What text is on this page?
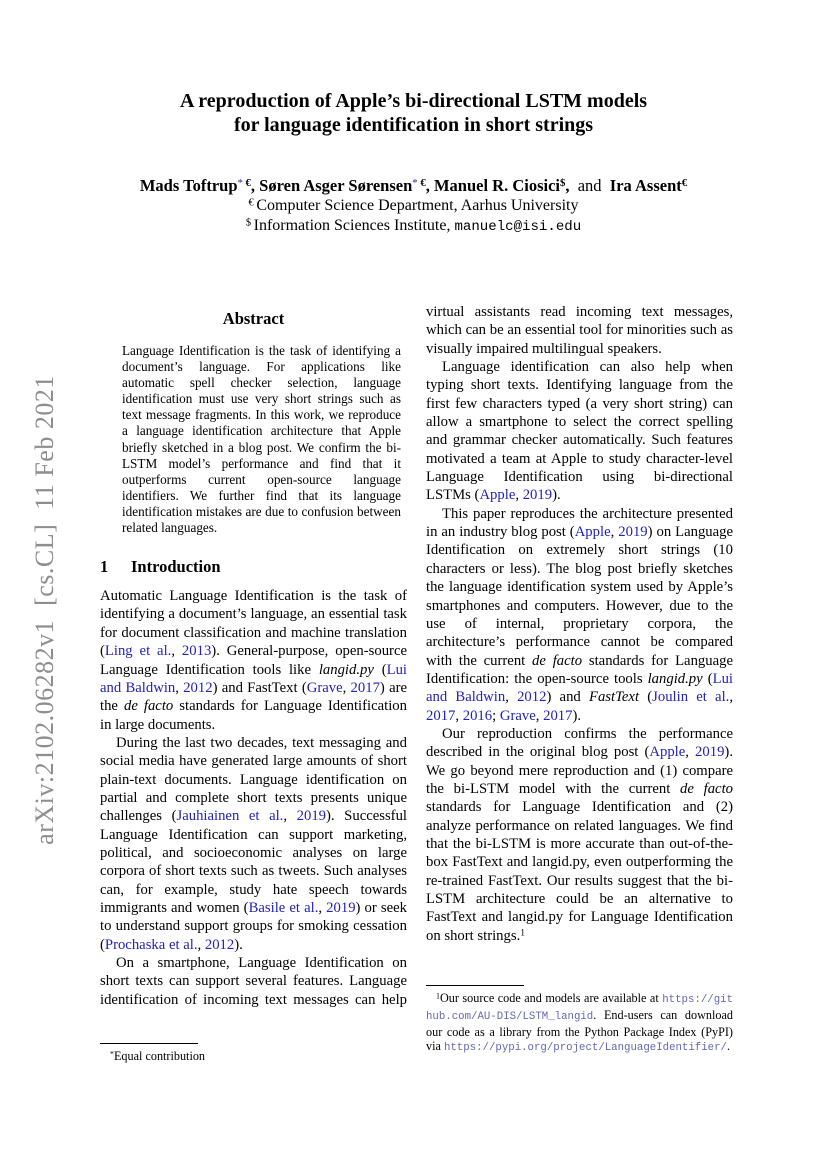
arXiv:2102.06282v1  [cs.CL]  11 Feb 2021
A reproduction of Apple’s bi-directional LSTM models
for language identification in short strings
Mads Toftrup* €, Søren Asger Sørensen* €, Manuel R. Ciosici$,  and  Ira Assent€
€ Computer Science Department, Aarhus University
$ Information Sciences Institute, manuelc@isi.edu
Abstract
Language Identification is the task of identifying a document’s language. For applications like automatic spell checker selection, language identification must use very short strings such as text message fragments. In this work, we reproduce a language identification architecture that Apple briefly sketched in a blog post. We confirm the bi-LSTM model’s performance and find that it outperforms current open-source language identifiers. We further find that its language identification mistakes are due to confusion between related languages.
1	Introduction

Automatic Language Identification is the task of identifying a document’s language, an essential task for document classification and machine translation (Ling et al., 2013). General-purpose, open-source Language Identification tools like langid.py (Lui and Baldwin, 2012) and FastText (Grave, 2017) are the de facto standards for Language Identification in large documents.

During the last two decades, text messaging and social media have generated large amounts of short plain-text documents. Language identification on partial and complete short texts presents unique challenges (Jauhiainen et al., 2019). Successful Language Identification can support marketing, political, and socioeconomic analyses on large corpora of short texts such as tweets. Such analyses can, for example, study hate speech towards immigrants and women (Basile et al., 2019) or seek to understand support groups for smoking cessation (Prochaska et al., 2012).

On a smartphone, Language Identification on short texts can support several features. Language identification of incoming text messages can help

*Equal contribution

virtual assistants read incoming text messages, which can be an essential tool for minorities such as visually impaired multilingual speakers.

Language identification can also help when typing short texts. Identifying language from the first few characters typed (a very short string) can allow a smartphone to select the correct spelling and grammar checker automatically. Such features motivated a team at Apple to study character-level Language Identification using bi-directional LSTMs (Apple, 2019).

This paper reproduces the architecture presented in an industry blog post (Apple, 2019) on Language Identification on extremely short strings (10 characters or less). The blog post briefly sketches the language identification system used by Apple’s smartphones and computers. However, due to the use of internal, proprietary corpora, the architecture’s performance cannot be compared with the current de facto standards for Language Identification: the open-source tools langid.py (Lui and Baldwin, 2012) and FastText (Joulin et al., 2017, 2016; Grave, 2017).

Our reproduction confirms the performance described in the original blog post (Apple, 2019). We go beyond mere reproduction and (1) compare the bi-LSTM model with the current de facto standards for Language Identification and (2) analyze performance on related languages. We find that the bi-LSTM is more accurate than out-of-the-box FastText and langid.py, even outperforming the re-trained FastText. Our results suggest that the bi-LSTM architecture could be an alternative to FastText and langid.py for Language Identification on short strings.$^1$

$^1$Our source code and models are available at https://github.com/AU-DIS/LSTM_langid. End-users can download our code as a library from the Python Package Index (PyPI) via https://pypi.org/project/LanguageIdentifier/.
